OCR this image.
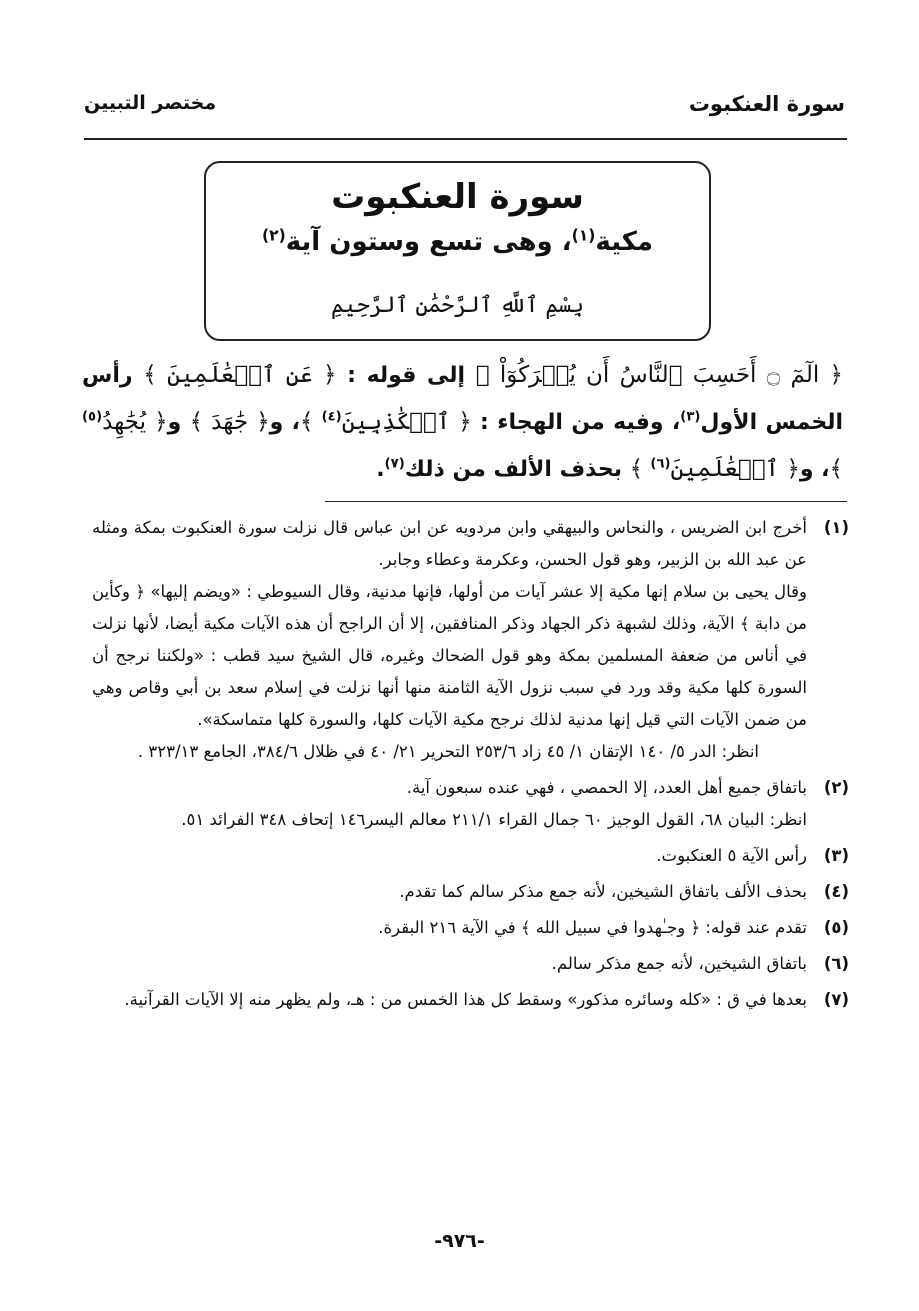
سورة العنكبوت
مختصر التبيين
سورة العنكبوت
مكية$^{(١)}$، وهى تسع وستون آية$^{(٢)}$
بِسْمِ ٱللَّهِ ٱلرَّحْمَٰنِ ٱلرَّحِيمِ

﴿ الٓمٓ ۝ أَحَسِبَ ٱلنَّاسُ أَن يُتۡرَكُوٓاْ ﴾ إلى قوله : ﴿ عَنِ ٱلۡعَٰلَمِينَ ﴾ رأس الخمس الأول$^{(٣)}$، وفيه من الهجاء : ﴿ ٱلۡكَٰذِبِينَ$^{(٤)}$ ﴾، و﴿ جَٰهَدَ ﴾ و﴿ يُجَٰهِدُ$^{(٥)}$ ﴾، و﴿ ٱلۡعَٰلَمِينَ$^{(٦)}$ ﴾ بحذف الألف من ذلك$^{(٧)}$.

(١)

أخرج ابن الضريس ، والنحاس والبيهقي وابن مردويه عن ابن عباس قال نزلت سورة العنكبوت بمكة ومثله عن عبد الله بن الزبير، وهو قول الحسن، وعكرمة وعطاء وجابر.

وقال يحيى بن سلام إنها مكية إلا عشر آيات من أولها، فإنها مدنية، وقال السيوطي : «ويضم إليها» ﴿ وكأين من دابة ﴾ الآية، وذلك لشبهة ذكر الجهاد وذكر المنافقين، إلا أن الراجح أن هذه الآيات مكية أيضا، لأنها نزلت في أناس من ضعفة المسلمين بمكة وهو قول الضحاك وغيره، قال الشيخ سيد قطب : «ولكننا نرجح أن السورة كلها مكية وقد ورد في سبب نزول الآية الثامنة منها أنها نزلت في إسلام سعد بن أبي وقاص وهي من ضمن الآيات التي قيل إنها مدنية لذلك نرجح مكية الآيات كلها، والسورة كلها متماسكة».

انظر: الدر ٥/ ١٤٠ الإتقان ١/ ٤٥ زاد ٢٥٣/٦ التحرير ٢١/ ٤٠ في ظلال ٣٨٤/٦، الجامع ٣٢٣/١٣ .

(٢)

باتفاق جميع أهل العدد، إلا الحمصي ، فهي عنده سبعون آية.

انظر: البيان ٦٨، القول الوجيز ٦٠ جمال القراء ٢١١/١ معالم اليسر١٤٦ إتحاف ٣٤٨ الفرائد ٥١.

(٣)
رأس الآية ٥ العنكبوت.
(٤)
بحذف الألف باتفاق الشيخين، لأنه جمع مذكر سالم كما تقدم.
(٥)
تقدم عند قوله: ﴿ وجـٰهدوا في سبيل الله ﴾ في الآية ٢١٦ البقرة.
(٦)
باتفاق الشيخين، لأنه جمع مذكر سالم.
(٧)
بعدها في ق : «كله وسائره مذكور» وسقط كل هذا الخمس من : هـ، ولم يظهر منه إلا الآيات القرآنية.
-٩٧٦-
